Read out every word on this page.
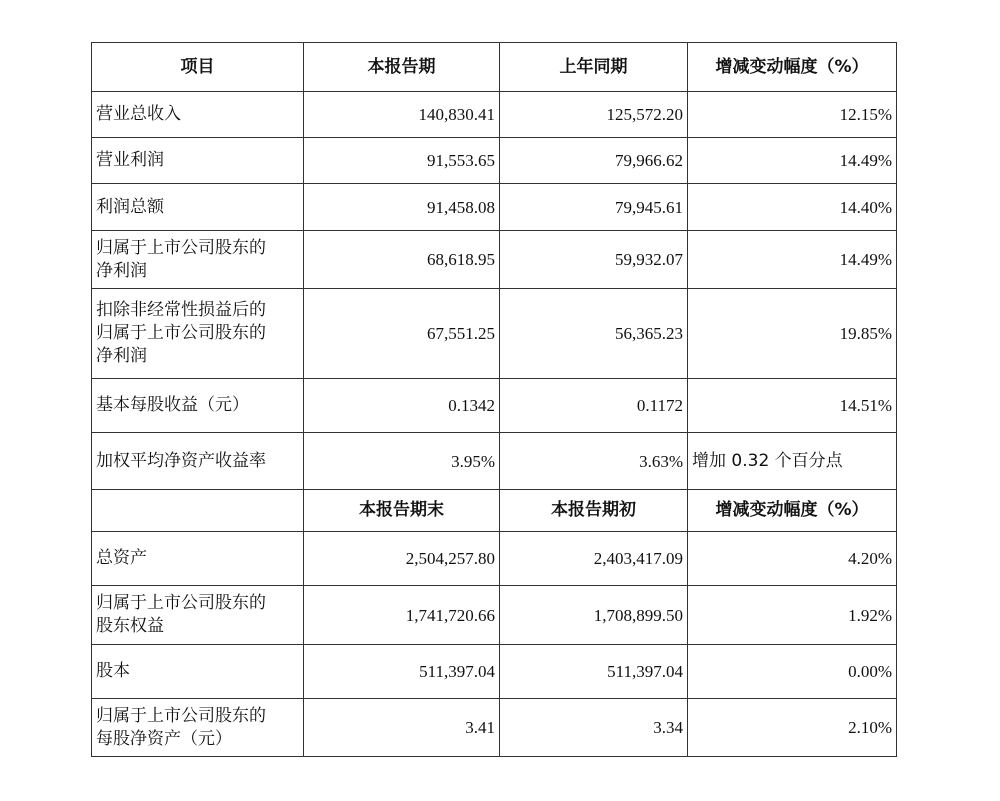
项目	本报告期	上年同期	增减变动幅度（%）
营业总收入	140,830.41	125,572.20	12.15%
营业利润	91,553.65	79,966.62	14.49%
利润总额	91,458.08	79,945.61	14.40%

归属于上市公司股东的
净利润	68,618.95	59,932.07	14.49%

扣除非经常性损益后的
归属于上市公司股东的
净利润	67,551.25	56,365.23	19.85%
基本每股收益（元）	0.1342	0.1172	14.51%
加权平均净资产收益率	3.95%	3.63%	增加 0.32 个百分点
	本报告期末	本报告期初	增减变动幅度（%）
总资产	2,504,257.80	2,403,417.09	4.20%

归属于上市公司股东的
股东权益	1,741,720.66	1,708,899.50	1.92%
股本	511,397.04	511,397.04	0.00%

归属于上市公司股东的
每股净资产（元）	3.41	3.34	2.10%
